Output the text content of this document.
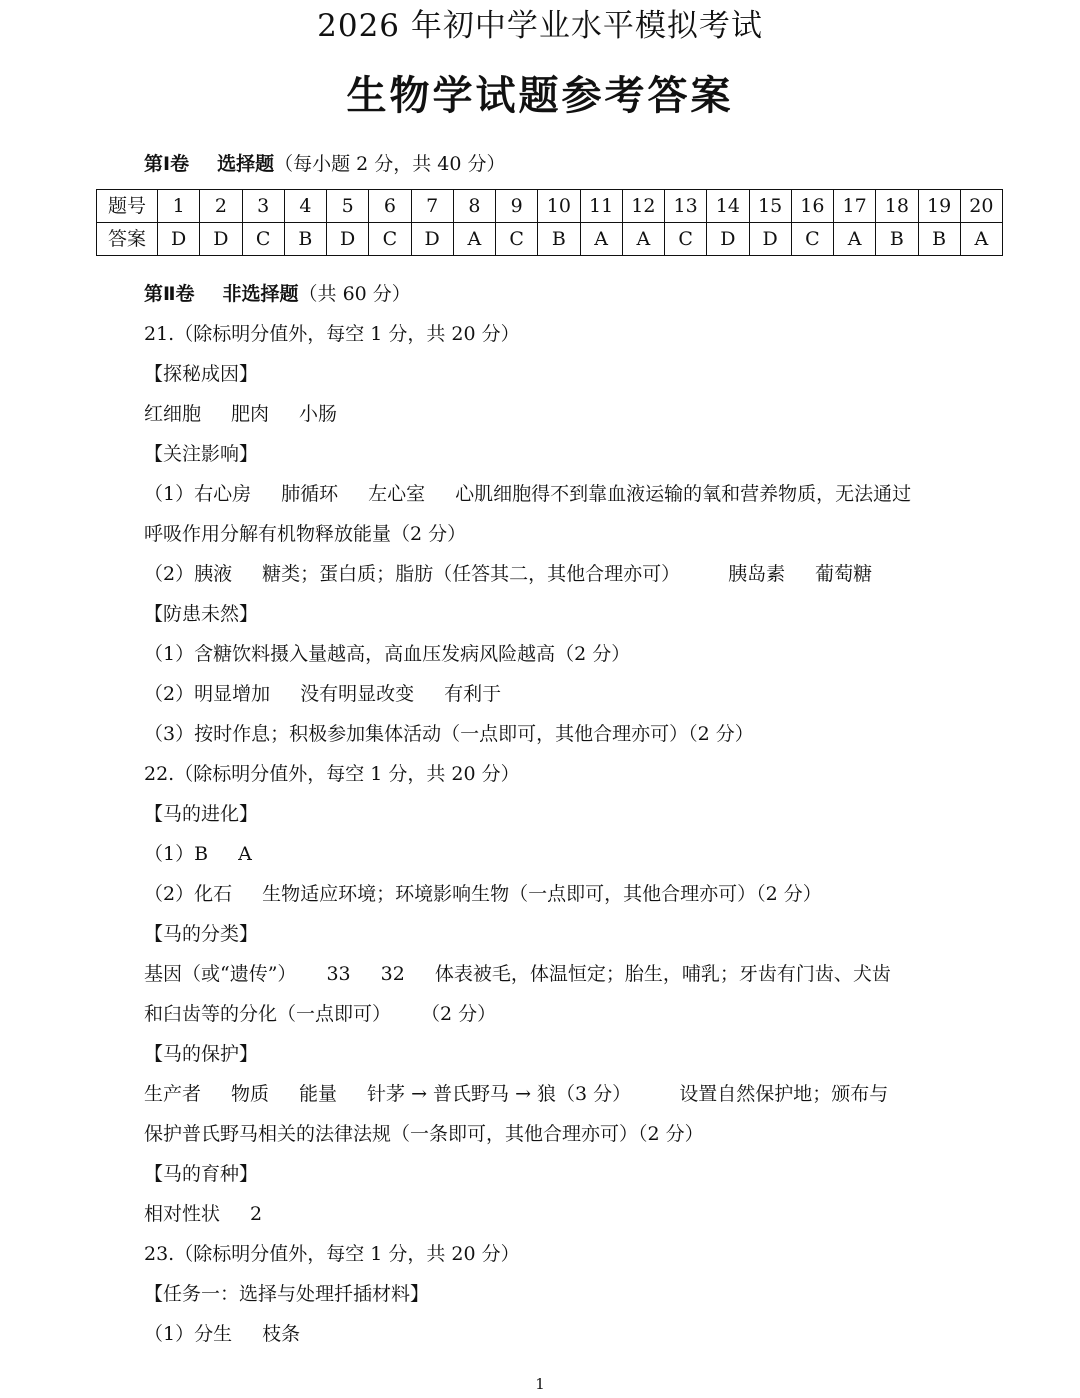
2026 年初中学业水平模拟考试
生物学试题参考答案
第Ⅰ卷 选择题（每小题 2 分，共 40 分）
题号	1	2	3	4	5	6	7	8	9	10	11	12	13	14	15	16	17	18	19	20
答案	D	D	C	B	D	C	D	A	C	B	A	A	C	D	D	C	A	B	B	A
第Ⅱ卷 非选择题（共 60 分）
21.（除标明分值外，每空 1 分，共 20 分）
【探秘成因】
红细胞 肥肉 小肠
【关注影响】
（1）右心房 肺循环 左心室 心肌细胞得不到靠血液运输的氧和营养物质，无法通过
呼吸作用分解有机物释放能量（2 分）
（2）胰液 糖类；蛋白质；脂肪（任答其二，其他合理亦可）	胰岛素 葡萄糖
【防患未然】
（1）含糖饮料摄入量越高，高血压发病风险越高（2 分）
（2）明显增加 没有明显改变 有利于
（3）按时作息；积极参加集体活动（一点即可，其他合理亦可）（2 分）
22.（除标明分值外，每空 1 分，共 20 分）
【马的进化】
（1）B A
（2）化石 生物适应环境；环境影响生物（一点即可，其他合理亦可）（2 分）
【马的分类】
基因（或“遗传”） 33 32 体表被毛，体温恒定；胎生，哺乳；牙齿有门齿、犬齿
和臼齿等的分化（一点即可） （2 分）
【马的保护】
生产者 物质 能量 针茅 → 普氏野马 → 狼（3 分）	设置自然保护地；颁布与
保护普氏野马相关的法律法规（一条即可，其他合理亦可）（2 分）
【马的育种】
相对性状 2
23.（除标明分值外，每空 1 分，共 20 分）
【任务一：选择与处理扦插材料】
（1）分生 枝条
1
